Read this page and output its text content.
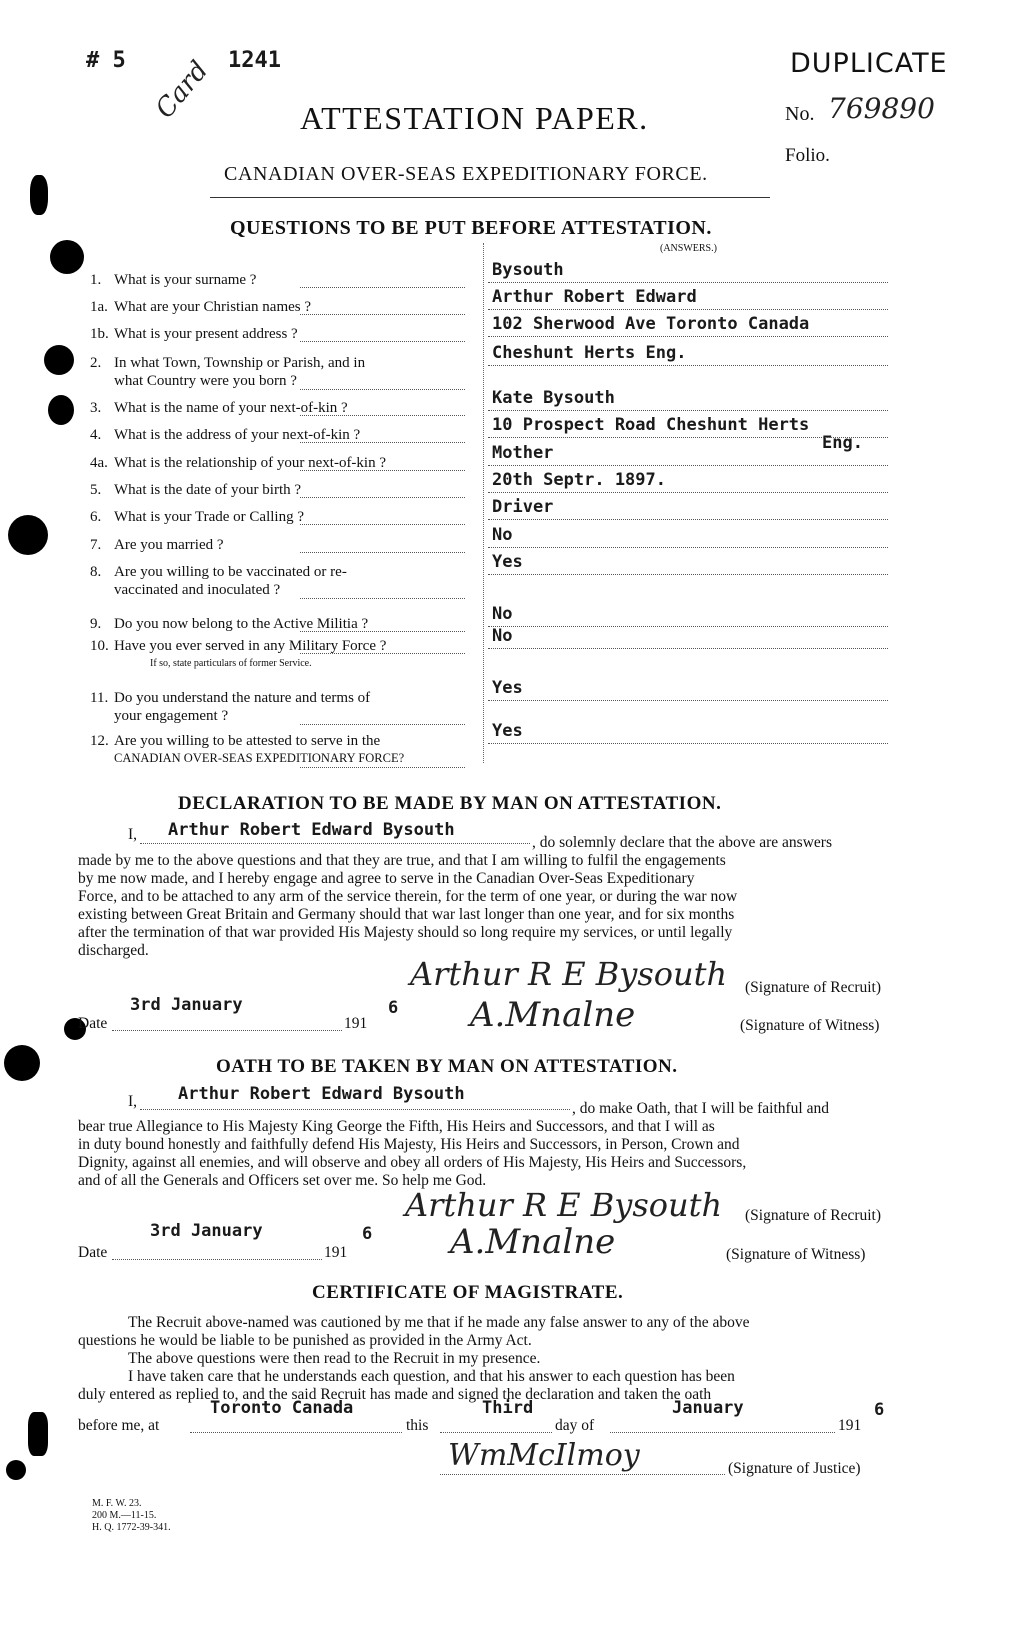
# 5	1241
Card	DUPLICATE
ATTESTATION PAPER.	No. 769890
Folio.
CANADIAN OVER-SEAS EXPEDITIONARY FORCE.
QUESTIONS TO BE PUT BEFORE ATTESTATION.
(ANSWERS.)
1. What is your surname ?	Bysouth
1a. What are your Christian names ?	Arthur Robert Edward
1b. What is your present address ?	102 Sherwood Ave Toronto Canada
2. In what Town, Township or Parish, and in
what Country were you born ?
Cheshunt Herts Eng.
3. What is the name of your next-of-kin ?	Kate Bysouth
4. What is the address of your next-of-kin ?	10 Prospect Road Cheshunt Herts
Eng.
4a. What is the relationship of your next-of-kin ?	Mother
5. What is the date of your birth ?	20th Septr. 1897.
6. What is your Trade or Calling ?	Driver
7. Are you married ?	No
8. Are you willing to be vaccinated or re-
vaccinated and inoculated ?
Yes
9. Do you now belong to the Active Militia ?	No
10. Have you ever served in any Military Force ?
If so, state particulars of former Service.
No
11. Do you understand the nature and terms of
your engagement ?
Yes
12. Are you willing to be attested to serve in the
CANADIAN OVER-SEAS EXPEDITIONARY FORCE?
Yes
DECLARATION TO BE MADE BY MAN ON ATTESTATION.
I, Arthur Robert Edward Bysouth
, do solemnly declare that the above are answers
made by me to the above questions and that they are true, and that I am willing to fulfil the engagements
by me now made, and I hereby engage and agree to serve in the Canadian Over-Seas Expeditionary
Force, and to be attached to any arm of the service therein, for the term of one year, or during the war now
existing between Great Britain and Germany should that war last longer than one year, and for six months
after the termination of that war provided His Majesty should so long require my services, or until legally
discharged.
Arthur R E Bysouth (Signature of Recruit)
3rd January
Date	191
6 A.Mnalne	(Signature of Witness)
OATH TO BE TAKEN BY MAN ON ATTESTATION.
I, Arthur Robert Edward Bysouth
, do make Oath, that I will be faithful and
bear true Allegiance to His Majesty King George the Fifth, His Heirs and Successors, and that I will as
in duty bound honestly and faithfully defend His Majesty, His Heirs and Successors, in Person, Crown and
Dignity, against all enemies, and will observe and obey all orders of His Majesty, His Heirs and Successors,
and of all the Generals and Officers set over me. So help me God.
Arthur R E Bysouth (Signature of Recruit)
3rd January
Date	191
6 A.Mnalne	(Signature of Witness)
CERTIFICATE OF MAGISTRATE.
The Recruit above-named was cautioned by me that if he made any false answer to any of the above
questions he would be liable to be punished as provided in the Army Act.
The above questions were then read to the Recruit in my presence.
I have taken care that he understands each question, and that his answer to each question has been
duly entered as replied to, and the said Recruit has made and signed the declaration and taken the oath
before me, at
Toronto Canada
this
Third
day of
January
191
6
WmMcIlmoy	(Signature of Justice)
M. F. W. 23.
200 M.—11-15.
H. Q. 1772-39-341.
